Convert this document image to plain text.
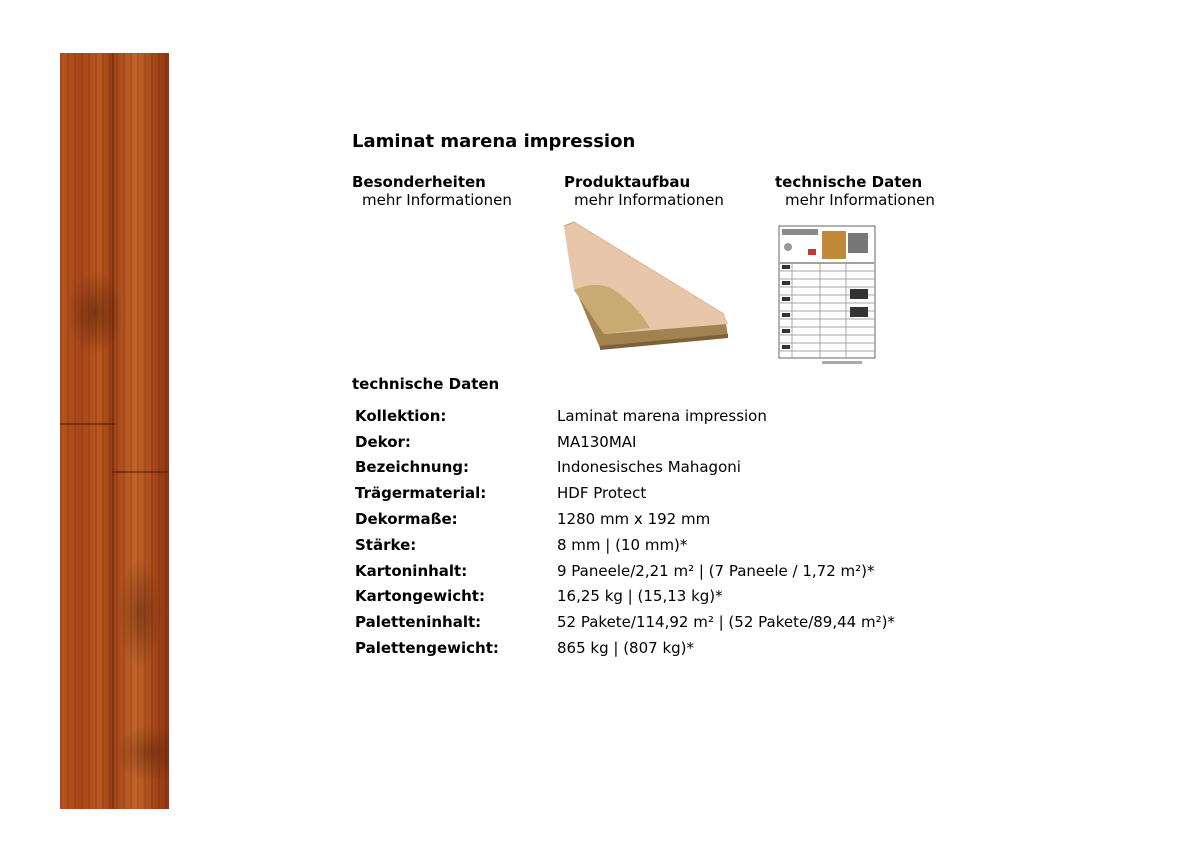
Laminat marena impression
Besonderheiten
mehr Informationen
Produktaufbau
mehr Informationen
technische Daten
mehr Informationen
technische Daten
Kollektion:	Laminat marena impression
Dekor:	MA130MAI
Bezeichnung:	Indonesisches Mahagoni
Trägermaterial:	HDF Protect
Dekormaße:	1280 mm x 192 mm
Stärke:	8 mm | (10 mm)*
Kartoninhalt:	9 Paneele/2,21 m² | (7 Paneele / 1,72 m²)*
Kartongewicht:	16,25 kg | (15,13 kg)*
Paletteninhalt:	52 Pakete/114,92 m² | (52 Pakete/89,44 m²)*
Palettengewicht:	865 kg | (807 kg)*
